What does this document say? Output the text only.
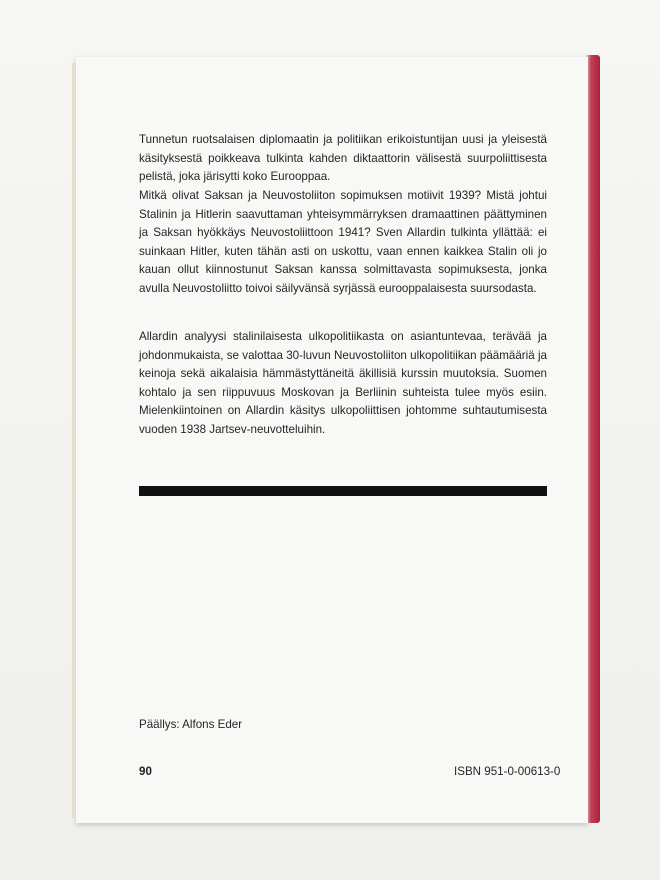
Tunnetun ruotsalaisen diplomaatin ja politiikan erikoistuntijan uusi ja yleisestä käsityksestä poikkeava tulkinta kahden diktaattorin välisestä suurpoliittisesta pelistä, joka järisytti koko Eurooppaa.

Mitkä olivat Saksan ja Neuvostoliiton sopimuksen motiivit 1939? Mistä johtui Stalinin ja Hitlerin saavuttaman yhteisymmärryksen dramaattinen päättyminen ja Saksan hyökkäys Neuvostoliittoon 1941? Sven Allardin tulkinta yllättää: ei suinkaan Hitler, kuten tähän asti on uskottu, vaan ennen kaikkea Stalin oli jo kauan ollut kiinnostunut Saksan kanssa solmittavasta sopimuksesta, jonka avulla Neuvostoliitto toivoi säilyvänsä syrjässä eurooppalaisesta suursodasta.

Allardin analyysi stalinilaisesta ulkopolitiikasta on asiantuntevaa, terävää ja johdonmukaista, se valottaa 30-luvun Neuvostoliiton ulkopolitiikan päämääriä ja keinoja sekä aikalaisia hämmästyttäneitä äkillisiä kurssin muutoksia. Suomen kohtalo ja sen riippuvuus Moskovan ja Berliinin suhteista tulee myös esiin. Mielenkiintoinen on Allardin käsitys ulkopoliittisen johtomme suhtautumisesta vuoden 1938 Jartsev-neuvotteluihin.

Päällys: Alfons Eder
90	ISBN 951-0-00613-0
